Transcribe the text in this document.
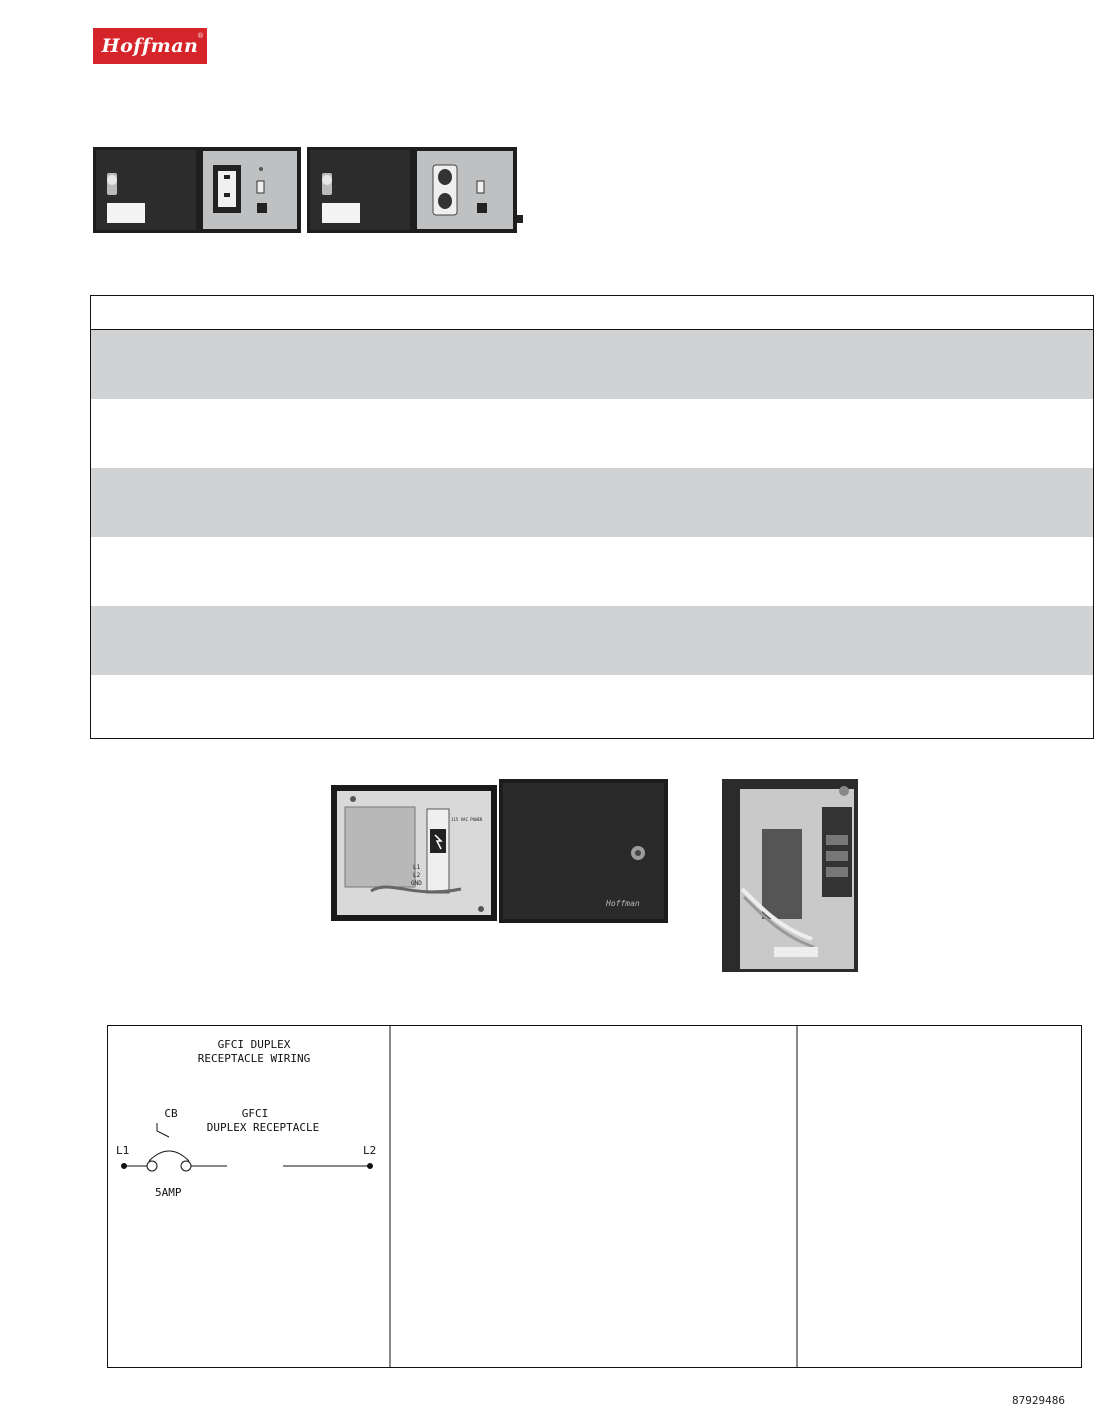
Hoffman®
115 VAC POWER
L1
L2
GND
Hoffman
GFCI DUPLEX
RECEPTACLE WIRING
CB	GFCI
DUPLEX RECEPTACLE
L1	L2
5AMP
87929486
